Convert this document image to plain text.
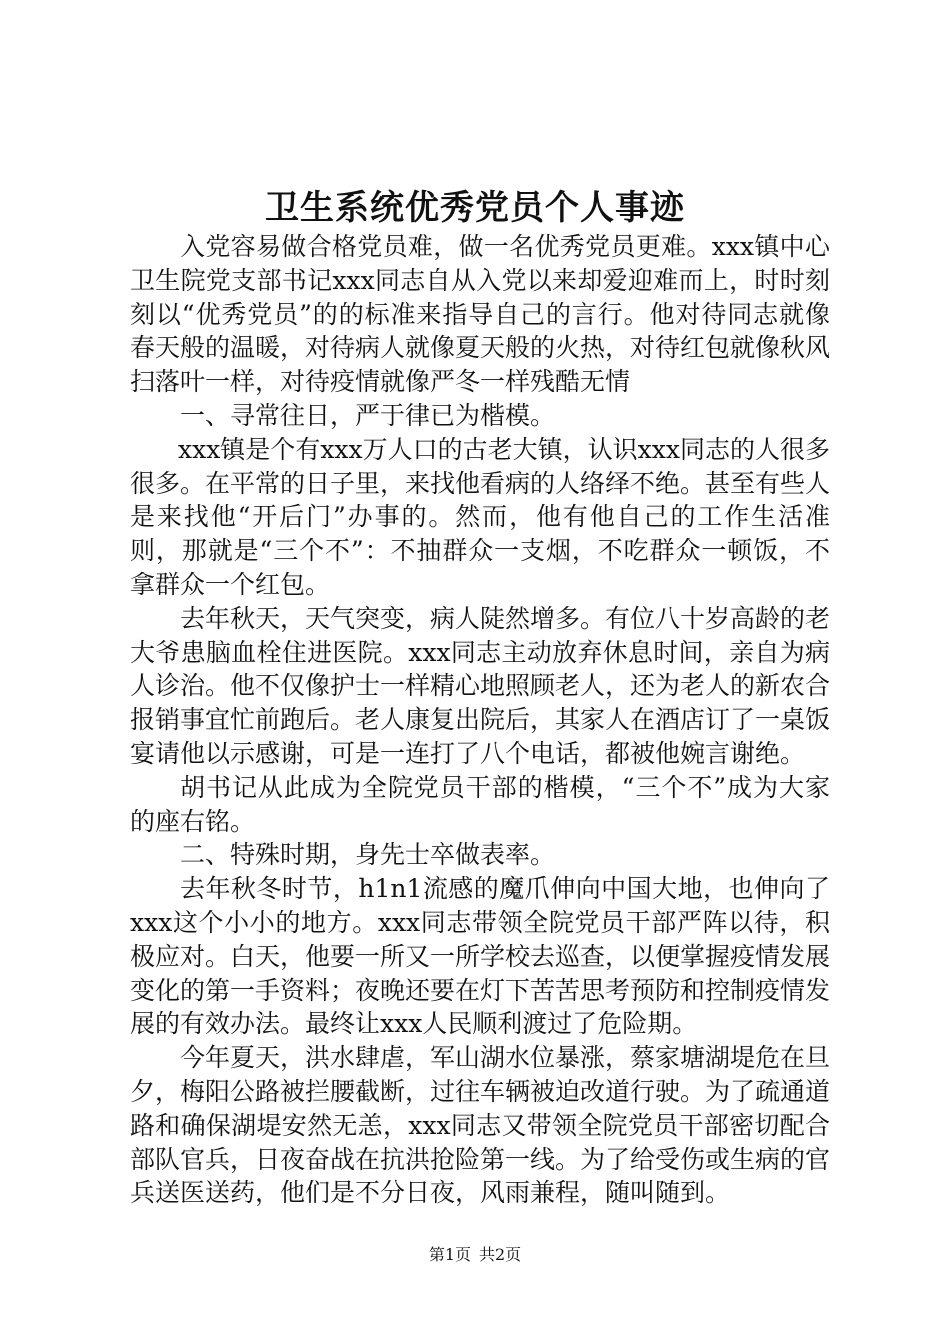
卫生系统优秀党员个人事迹

入党容易做合格党员难，做一名优秀党员更难。xxx镇中心卫生院党支部书记xxx同志自从入党以来却爱迎难而上，时时刻刻以“优秀党员”的的标准来指导自己的言行。他对待同志就像春天般的温暖，对待病人就像夏天般的火热，对待红包就像秋风扫落叶一样，对待疫情就像严冬一样残酷无情

一、寻常往日，严于律已为楷模。

xxx镇是个有xxx万人口的古老大镇，认识xxx同志的人很多很多。在平常的日子里，来找他看病的人络绎不绝。甚至有些人是来找他“开后门”办事的。然而，他有他自己的工作生活准则，那就是“三个不”：不抽群众一支烟，不吃群众一顿饭，不拿群众一个红包。

去年秋天，天气突变，病人陡然增多。有位八十岁高龄的老大爷患脑血栓住进医院。xxx同志主动放弃休息时间，亲自为病人诊治。他不仅像护士一样精心地照顾老人，还为老人的新农合报销事宜忙前跑后。老人康复出院后，其家人在酒店订了一桌饭宴请他以示感谢，可是一连打了八个电话，都被他婉言谢绝。

胡书记从此成为全院党员干部的楷模，“三个不”成为大家的座右铭。

二、特殊时期，身先士卒做表率。

去年秋冬时节，h1n1流感的魔爪伸向中国大地，也伸向了xxx这个小小的地方。xxx同志带领全院党员干部严阵以待，积极应对。白天，他要一所又一所学校去巡查，以便掌握疫情发展变化的第一手资料；夜晚还要在灯下苦苦思考预防和控制疫情发展的有效办法。最终让xxx人民顺利渡过了危险期。

今年夏天，洪水肆虐，军山湖水位暴涨，蔡家塘湖堤危在旦夕，梅阳公路被拦腰截断，过往车辆被迫改道行驶。为了疏通道路和确保湖堤安然无恙，xxx同志又带领全院党员干部密切配合部队官兵，日夜奋战在抗洪抢险第一线。为了给受伤或生病的官兵送医送药，他们是不分日夜，风雨兼程，随叫随到。

第1页 共2页
